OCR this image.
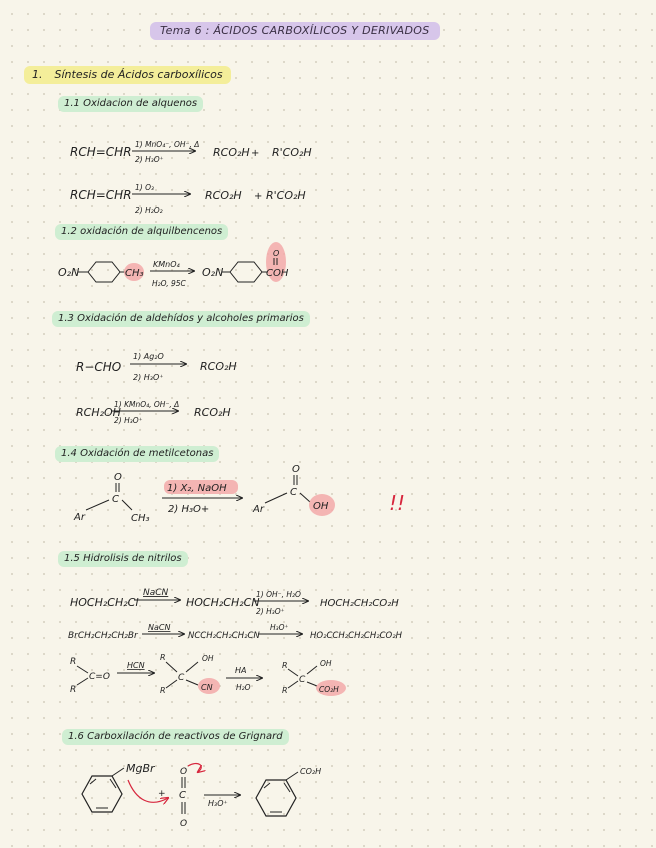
Tema 6 : ÁCIDOS CARBOXÍLICOS Y DERIVADOS
1. Síntesis de Ácidos carboxílicos
1.1 Oxidacion de alquenos
1.2 oxidación de alquilbencenos
1.3 Oxidación de aldehídos y alcoholes primarios
1.4 Oxidación de metilcetonas
1.5 Hidrolisis de nitrilos
1.6 Carboxilación de reactivos de Grignard
RCH=CHR
1) MnO₄⁻, OH⁻, Δ
2) H₃O⁺
RCO₂H + R'CO₂H
RCH=CHR
1) O₃
2) H₂O₂
RCO₂H + R'CO₂H
O₂N	CH₃
KMnO₄
H₂O, 95C
O₂N
O
COH
R−CHO
1) Ag₂O
2) H₃O⁺
RCO₂H
RCH₂OH
1) KMnO₄, OH⁻, Δ
2) H₃O⁺
RCO₂H
O
C
Ar	CH₃
1) X₂, NaOH
2) H₃O+
O
C
Ar	OH	!!
HOCH₂CH₂Cl
NaCN
HOCH₂CH₂CN
1) OH⁻, H₂O
2) H₃O⁺
HOCH₂CH₂CO₂H
BrCH₂CH₂CH₂Br
NaCN
NCCH₂CH₂CH₂CN
H₃O⁺
HO₂CCH₂CH₂CH₂CO₂H
R
R
C=O
HCN
R
R
C
OH
CN
HA
H₂O
R
R
C
OH
CO₂H
MgBr
+
O
C
O
H₃O⁺
CO₂H
